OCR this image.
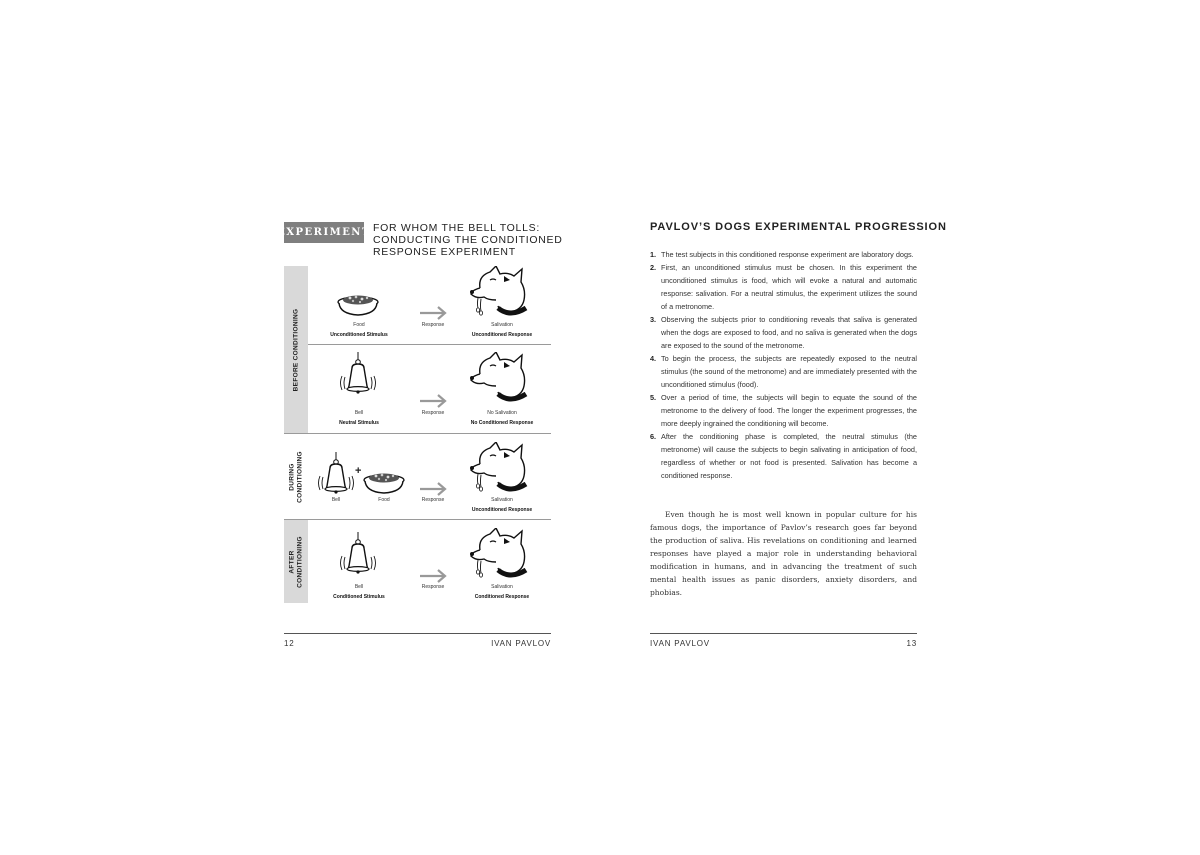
EXPERIMENT FOR WHOM THE BELL TOLLS:
CONDUCTING THE CONDITIONED
RESPONSE EXPERIMENT
BEFORE CONDITIONING	Food
Unconditioned Stimulus
Response	Salivation
Unconditioned Response
Bell
Neutral Stimulus
Response	No Salivation
No Conditioned Response
DURING CONDITIONING	+
Bell	Food	Response	Salivation
Unconditioned Response
AFTER CONDITIONING	Bell
Conditioned Stimulus
Response	Salivation
Conditioned Response
12	IVAN PAVLOV
PAVLOV’S DOGS EXPERIMENTAL PROGRESSION
1. The test subjects in this conditioned response experiment are laboratory dogs.
2. First, an unconditioned stimulus must be chosen. In this experiment the unconditioned stimulus is food, which will evoke a natural and automatic response: salivation. For a neutral stimulus, the experiment utilizes the sound of a metronome.
3. Observing the subjects prior to conditioning reveals that saliva is generated when the dogs are exposed to food, and no saliva is generated when the dogs are exposed to the sound of the metronome.
4. To begin the process, the subjects are repeatedly exposed to the neutral stimulus (the sound of the metronome) and are immediately presented with the unconditioned stimulus (food).
5. Over a period of time, the subjects will begin to equate the sound of the metronome to the delivery of food. The longer the experiment progresses, the more deeply ingrained the conditioning will become.
6. After the conditioning phase is completed, the neutral stimulus (the metronome) will cause the subjects to begin salivating in anticipation of food, regardless of whether or not food is presented. Salivation has become a conditioned response.

Even though he is most well known in popular culture for his famous dogs, the importance of Pavlov’s research goes far beyond the production of saliva. His revelations on conditioning and learned responses have played a major role in understanding behavioral modification in humans, and in advancing the treatment of such mental health issues as panic disorders, anxiety disorders, and phobias.

IVAN PAVLOV	13
